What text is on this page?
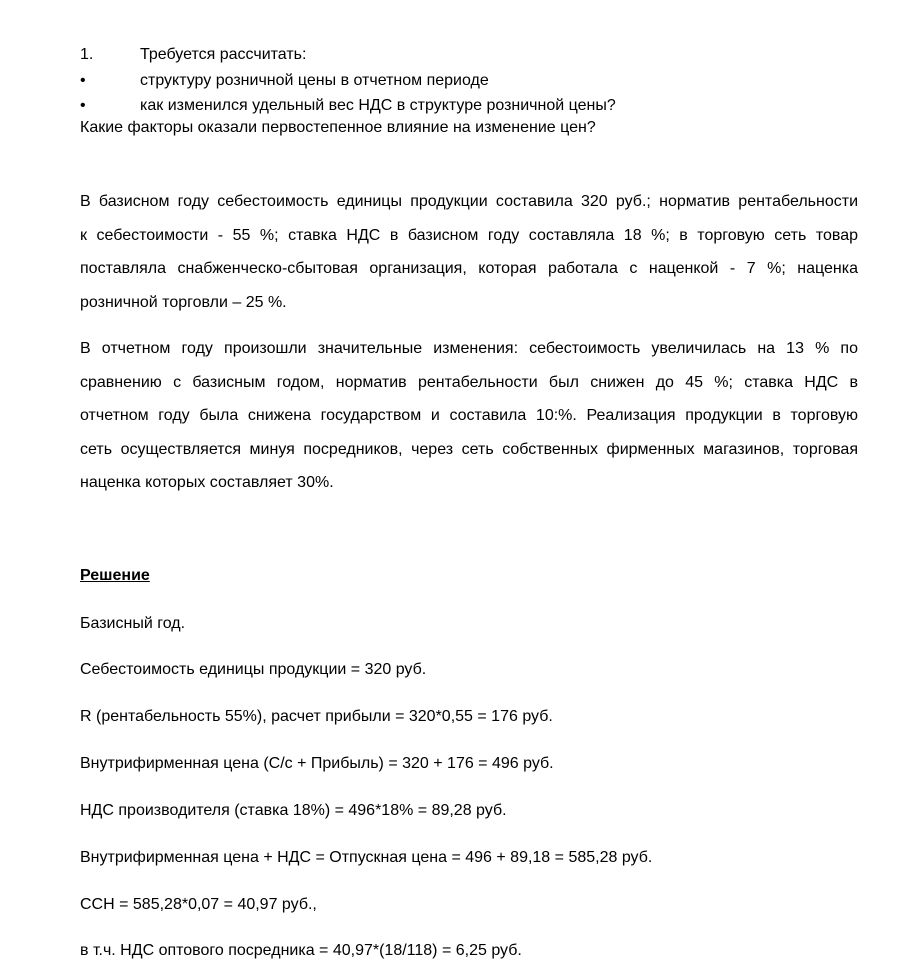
1.	Требуется рассчитать:
•	структуру розничной цены в отчетном периоде
•	как изменился удельный вес НДС в структуре розничной цены?
Какие факторы оказали первостепенное влияние на изменение цен?
В базисном году себестоимость единицы продукции составила 320 руб.; норматив рентабельности
к себестоимости - 55 %; ставка НДС в базисном году составляла 18 %; в торговую сеть товар
поставляла снабженческо-сбытовая организация, которая работала с наценкой - 7 %; наценка
розничной торговли – 25 %.
В отчетном году произошли значительные изменения: себестоимость увеличилась на 13 % по
сравнению с базисным годом, норматив рентабельности был снижен до 45 %; ставка НДС в
отчетном году была снижена государством и составила 10:%. Реализация продукции в торговую
сеть осуществляется минуя посредников, через сеть собственных фирменных магазинов, торговая
наценка которых составляет 30%.
Решение
Базисный год.
Себестоимость единицы продукции = 320 руб.
R (рентабельность 55%), расчет прибыли = 320*0,55 = 176 руб.
Внутрифирменная цена (С/с + Прибыль) = 320 + 176 = 496 руб.
НДС производителя (ставка 18%) = 496*18% = 89,28 руб.
Внутрифирменная цена + НДС = Отпускная цена = 496 + 89,18 = 585,28 руб.
ССН = 585,28*0,07 = 40,97 руб.,
в т.ч. НДС оптового посредника = 40,97*(18/118) = 6,25 руб.
